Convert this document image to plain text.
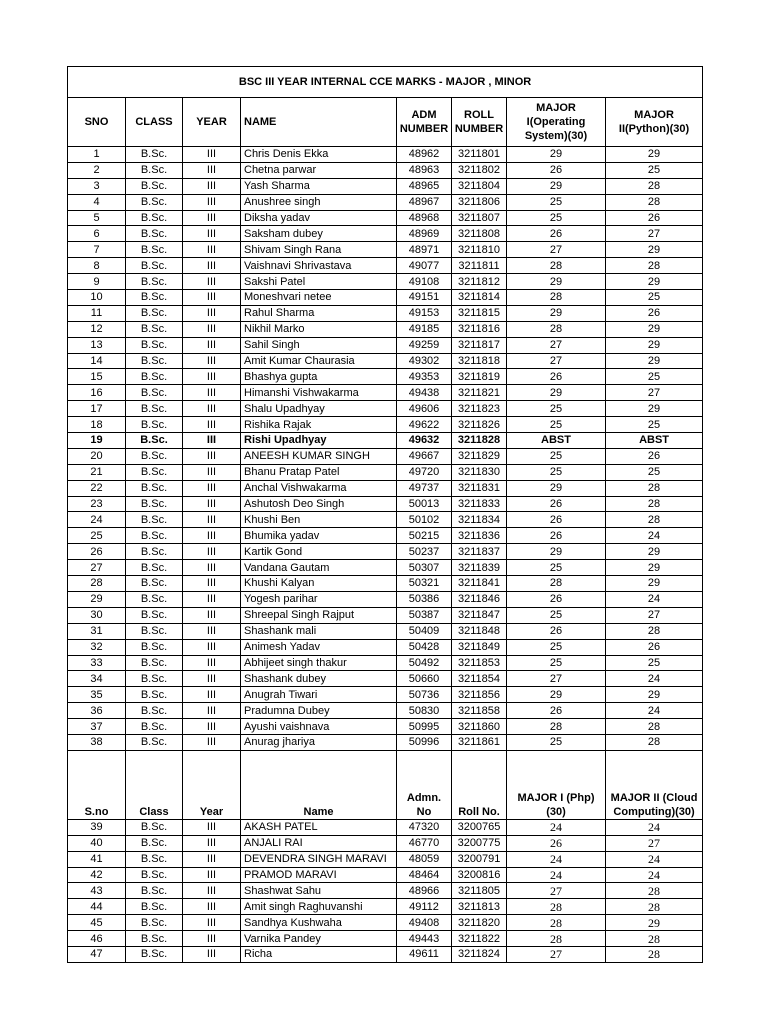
BSC III YEAR INTERNAL CCE MARKS - MAJOR , MINOR							
SNO	CLASS	YEAR	NAME	ADM NUMBER	ROLL NUMBER	MAJOR I(Operating System)(30)	MAJOR II(Python)(30)
1	B.Sc.	III	Chris Denis Ekka	48962	3211801	29	29
2	B.Sc.	III	Chetna parwar	48963	3211802	26	25
3	B.Sc.	III	Yash Sharma	48965	3211804	29	28
4	B.Sc.	III	Anushree singh	48967	3211806	25	28
5	B.Sc.	III	Diksha yadav	48968	3211807	25	26
6	B.Sc.	III	Saksham dubey	48969	3211808	26	27
7	B.Sc.	III	Shivam Singh Rana	48971	3211810	27	29
8	B.Sc.	III	Vaishnavi Shrivastava	49077	3211811	28	28
9	B.Sc.	III	Sakshi Patel	49108	3211812	29	29
10	B.Sc.	III	Moneshvari netee	49151	3211814	28	25
11	B.Sc.	III	Rahul Sharma	49153	3211815	29	26
12	B.Sc.	III	Nikhil Marko	49185	3211816	28	29
13	B.Sc.	III	Sahil Singh	49259	3211817	27	29
14	B.Sc.	III	Amit Kumar Chaurasia	49302	3211818	27	29
15	B.Sc.	III	Bhashya gupta	49353	3211819	26	25
16	B.Sc.	III	Himanshi Vishwakarma	49438	3211821	29	27
17	B.Sc.	III	Shalu Upadhyay	49606	3211823	25	29
18	B.Sc.	III	Rishika Rajak	49622	3211826	25	25
19	B.Sc.	III	Rishi Upadhyay	49632	3211828	ABST	ABST
20	B.Sc.	III	ANEESH KUMAR SINGH	49667	3211829	25	26
21	B.Sc.	III	Bhanu Pratap Patel	49720	3211830	25	25
22	B.Sc.	III	Anchal Vishwakarma	49737	3211831	29	28
23	B.Sc.	III	Ashutosh Deo Singh	50013	3211833	26	28
24	B.Sc.	III	Khushi Ben	50102	3211834	26	28
25	B.Sc.	III	Bhumika yadav	50215	3211836	26	24
26	B.Sc.	III	Kartik Gond	50237	3211837	29	29
27	B.Sc.	III	Vandana Gautam	50307	3211839	25	29
28	B.Sc.	III	Khushi Kalyan	50321	3211841	28	29
29	B.Sc.	III	Yogesh parihar	50386	3211846	26	24
30	B.Sc.	III	Shreepal Singh Rajput	50387	3211847	25	27
31	B.Sc.	III	Shashank mali	50409	3211848	26	28
32	B.Sc.	III	Animesh Yadav	50428	3211849	25	26
33	B.Sc.	III	Abhijeet singh thakur	50492	3211853	25	25
34	B.Sc.	III	Shashank dubey	50660	3211854	27	24
35	B.Sc.	III	Anugrah Tiwari	50736	3211856	29	29
36	B.Sc.	III	Pradumna Dubey	50830	3211858	26	24
37	B.Sc.	III	Ayushi vaishnava	50995	3211860	28	28
38	B.Sc.	III	Anurag jhariya	50996	3211861	25	28
S.no	Class	Year	Name	Admn. No	Roll No.	MAJOR I (Php)(30)	MAJOR II (Cloud Computing)(30)
39	B.Sc.	III	AKASH PATEL	47320	3200765	24	24
40	B.Sc.	III	ANJALI RAI	46770	3200775	26	27
41	B.Sc.	III	DEVENDRA SINGH MARAVI	48059	3200791	24	24
42	B.Sc.	III	PRAMOD MARAVI	48464	3200816	24	24
43	B.Sc.	III	Shashwat Sahu	48966	3211805	27	28
44	B.Sc.	III	Amit singh Raghuvanshi	49112	3211813	28	28
45	B.Sc.	III	Sandhya Kushwaha	49408	3211820	28	29
46	B.Sc.	III	Varnika Pandey	49443	3211822	28	28
47	B.Sc.	III	Richa	49611	3211824	27	28
